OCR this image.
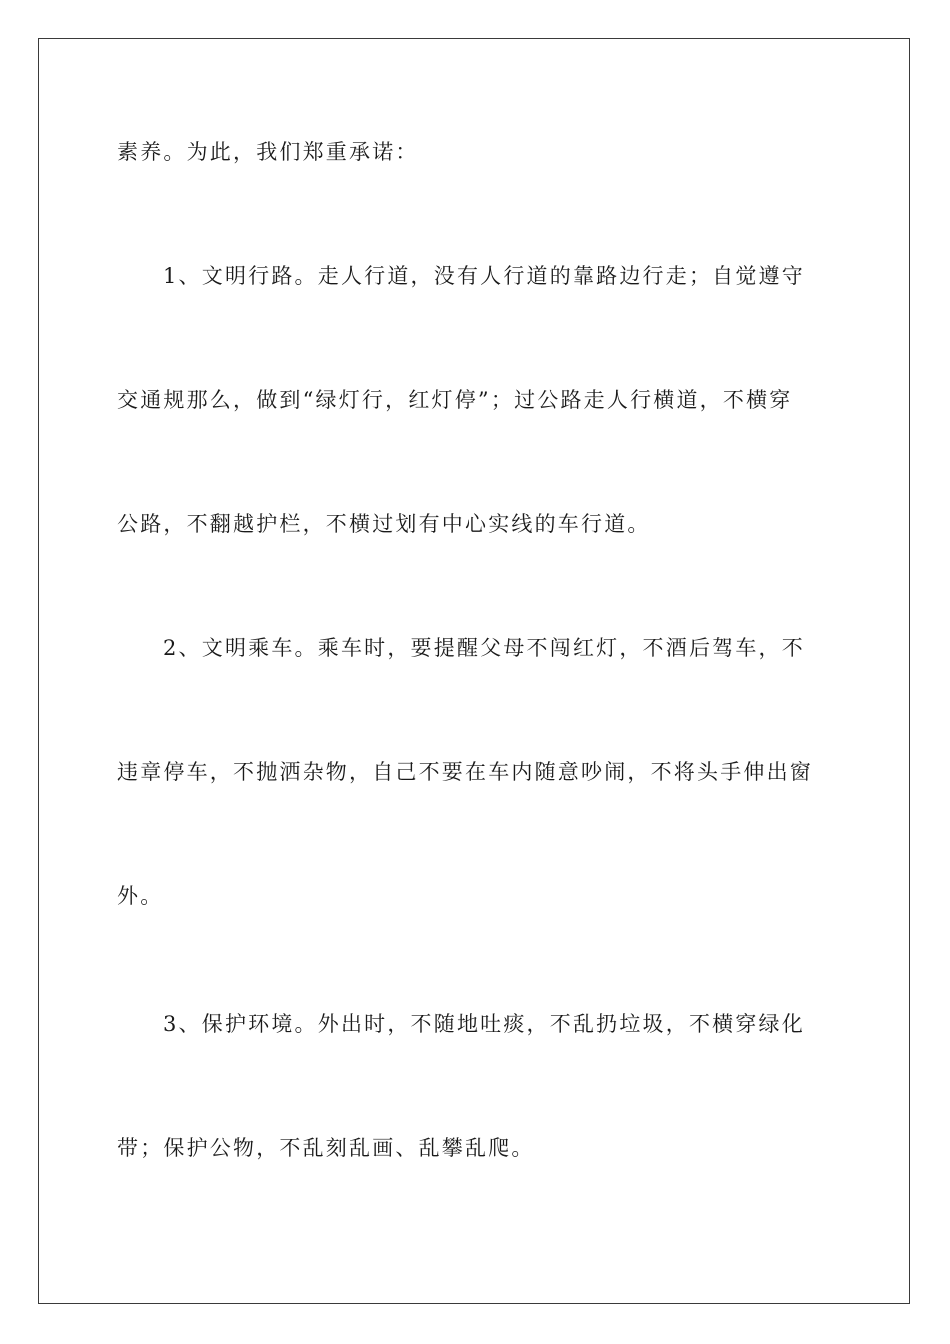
素养。为此，我们郑重承诺：
1、文明行路。走人行道，没有人行道的靠路边行走；自觉遵守
交通规那么，做到“绿灯行，红灯停”；过公路走人行横道，不横穿
公路，不翻越护栏，不横过划有中心实线的车行道。
2、文明乘车。乘车时，要提醒父母不闯红灯，不酒后驾车，不
违章停车，不抛洒杂物，自己不要在车内随意吵闹，不将头手伸出窗
外。
3、保护环境。外出时，不随地吐痰，不乱扔垃圾，不横穿绿化
带；保护公物，不乱刻乱画、乱攀乱爬。
